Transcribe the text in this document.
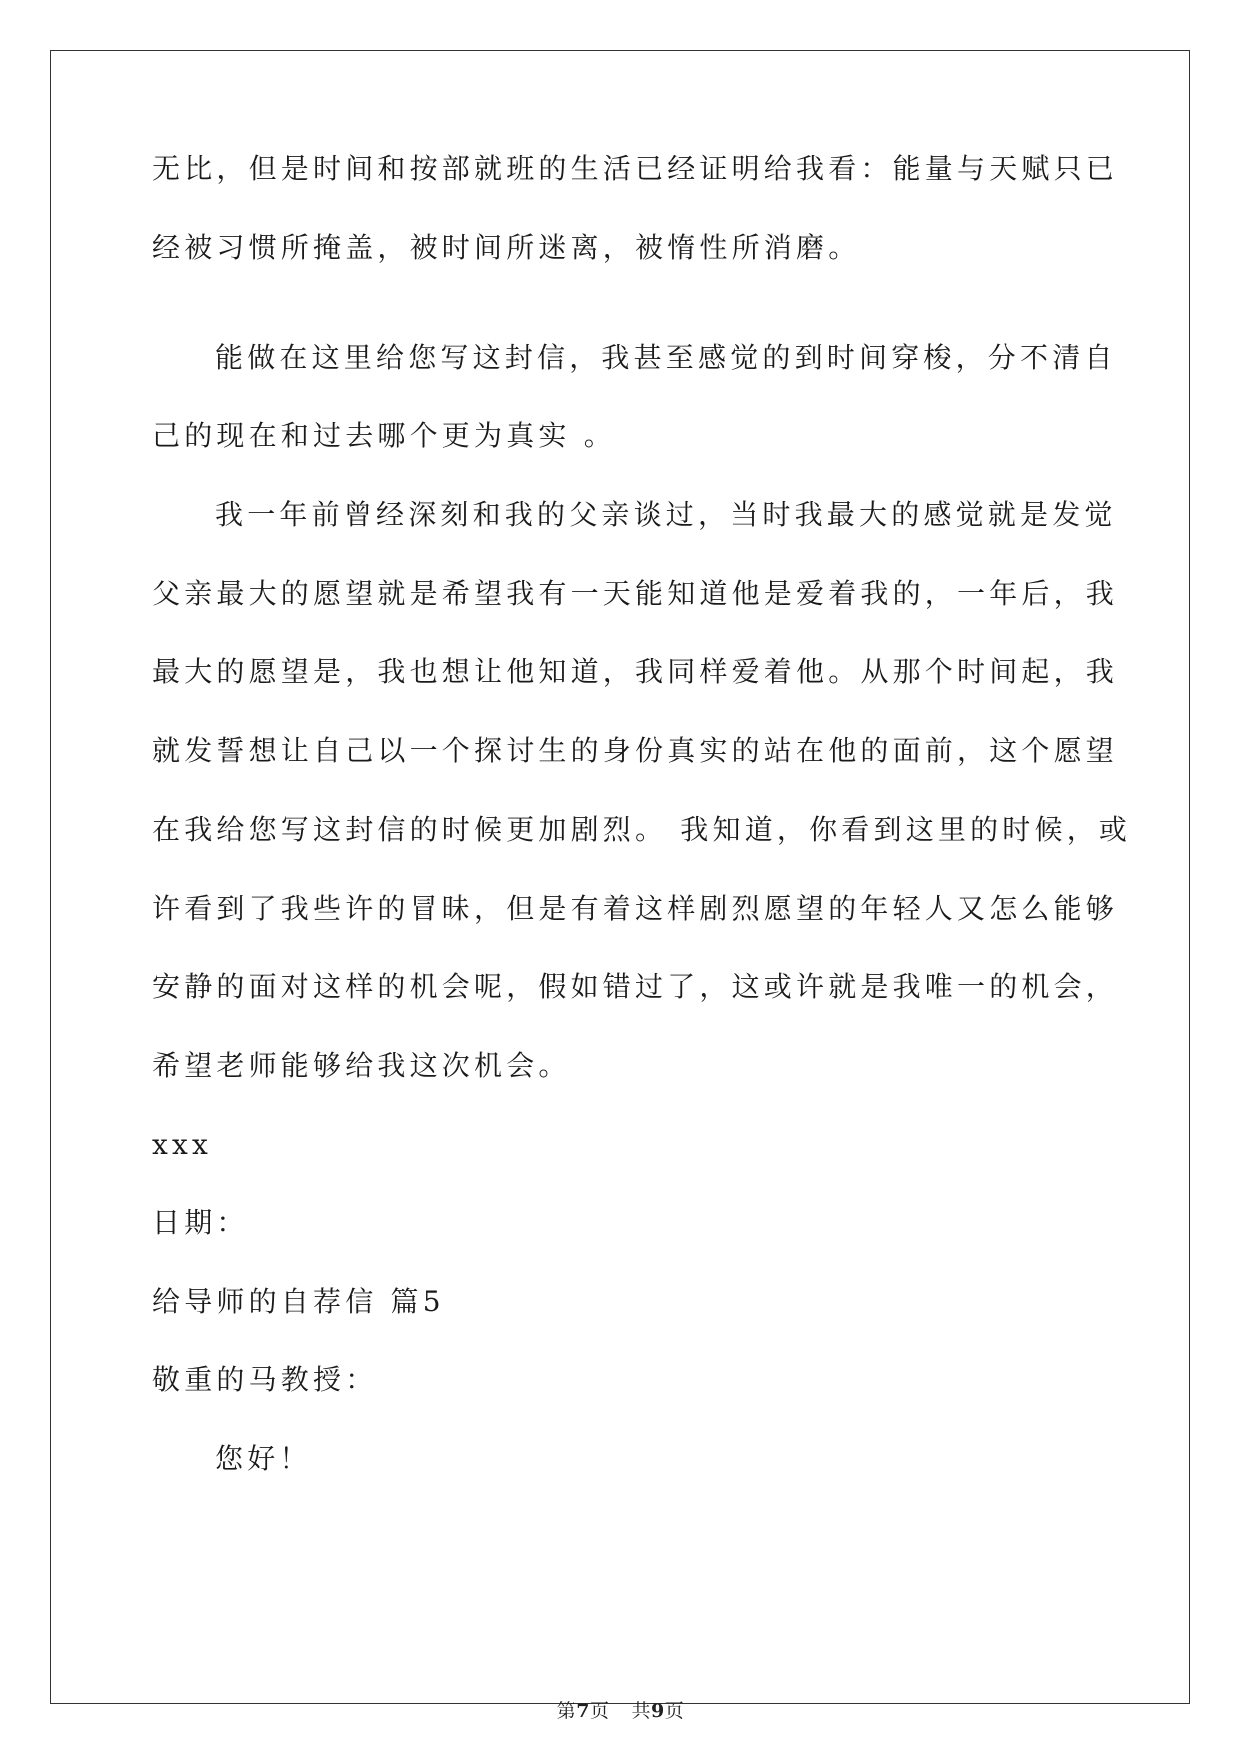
无比，但是时间和按部就班的生活已经证明给我看：能量与天赋只已
经被习惯所掩盖，被时间所迷离，被惰性所消磨。
能做在这里给您写这封信，我甚至感觉的到时间穿梭，分不清自
己的现在和过去哪个更为真实 。
我一年前曾经深刻和我的父亲谈过，当时我最大的感觉就是发觉
父亲最大的愿望就是希望我有一天能知道他是爱着我的，一年后，我
最大的愿望是，我也想让他知道，我同样爱着他。从那个时间起，我
就发誓想让自己以一个探讨生的身份真实的站在他的面前，这个愿望
在我给您写这封信的时候更加剧烈。 我知道，你看到这里的时候，或
许看到了我些许的冒昧，但是有着这样剧烈愿望的年轻人又怎么能够
安静的面对这样的机会呢，假如错过了，这或许就是我唯一的机会，
希望老师能够给我这次机会。
xxx
日期：
给导师的自荐信 篇5
敬重的马教授：
您好！
第7页 共9页
